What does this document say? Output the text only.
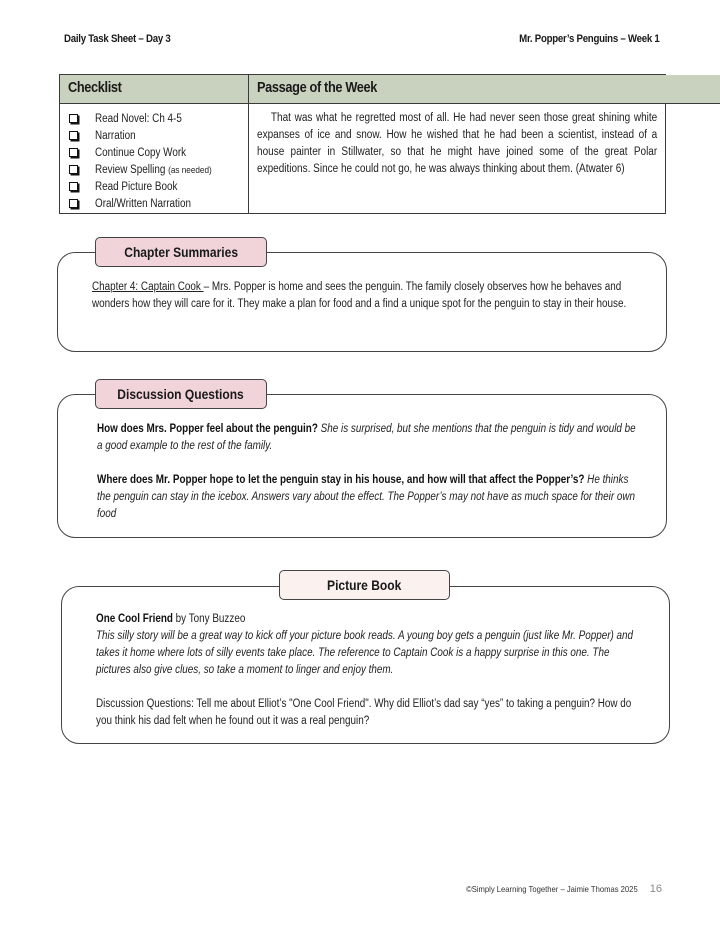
Daily Task Sheet – Day 3	Mr. Popper’s Penguins – Week 1
Checklist	Passage of the Week
Read Novel: Ch 4-5
Narration
Continue Copy Work
Review Spelling (as needed)
Read Picture Book
Oral/Written Narration
That was what he regretted most of all. He had never seen those great shining white expanses of ice and snow. How he wished that he had been a scientist, instead of a house painter in Stillwater, so that he might have joined some of the great Polar expeditions. Since he could not go, he was always thinking about them. (Atwater 6)
Chapter Summaries
Chapter 4: Captain Cook – Mrs. Popper is home and sees the penguin. The family closely observes how he behaves and wonders how they will care for it. They make a plan for food and a find a unique spot for the penguin to stay in their house.
Discussion Questions
How does Mrs. Popper feel about the penguin? She is surprised, but she mentions that the penguin is tidy and would be a good example to the rest of the family.
Where does Mr. Popper hope to let the penguin stay in his house, and how will that affect the Popper’s? He thinks the penguin can stay in the icebox. Answers vary about the effect. The Popper’s may not have as much space for their own food
Picture Book
One Cool Friend by Tony Buzzeo
This silly story will be a great way to kick off your picture book reads. A young boy gets a penguin (just like Mr. Popper) and takes it home where lots of silly events take place. The reference to Captain Cook is a happy surprise in this one. The pictures also give clues, so take a moment to linger and enjoy them.
Discussion Questions: Tell me about Elliot’s "One Cool Friend". Why did Elliot’s dad say “yes” to taking a penguin? How do you think his dad felt when he found out it was a real penguin?
©Simply Learning Together – Jaimie Thomas 2025 16
